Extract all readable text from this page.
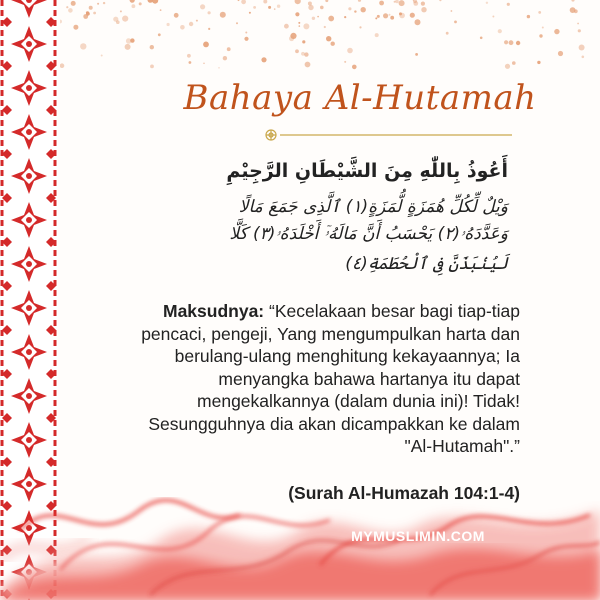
Bahaya Al-Hutamah
أَعُوذُ بِاللّٰهِ مِنَ الشَّيْطَانِ الرَّجِيْمِ
وَيْلٌ لِّكُلِّ هُمَزَةٍ لُّمَزَةٍ(١) ٱلَّذِى جَمَعَ مَالًا
وَعَدَّدَهُۥ(٢) يَحْسَبُ أَنَّ مَالَهُۥٓ أَخْلَدَهُۥ(٣) كَلَّا
لَيُنۢبَذَنَّ فِى ٱلْحُطَمَةِ(٤)
Maksudnya: “Kecelakaan besar bagi tiap-tiap pencaci, pengeji, Yang mengumpulkan harta dan berulang-ulang menghitung kekayaannya; Ia menyangka bahawa hartanya itu dapat mengekalkannya (dalam dunia ini)! Tidak! Sesungguhnya dia akan dicampakkan ke dalam "Al-Hutamah".”
(Surah Al-Humazah 104:1-4)
MYMUSLIMIN.COM
